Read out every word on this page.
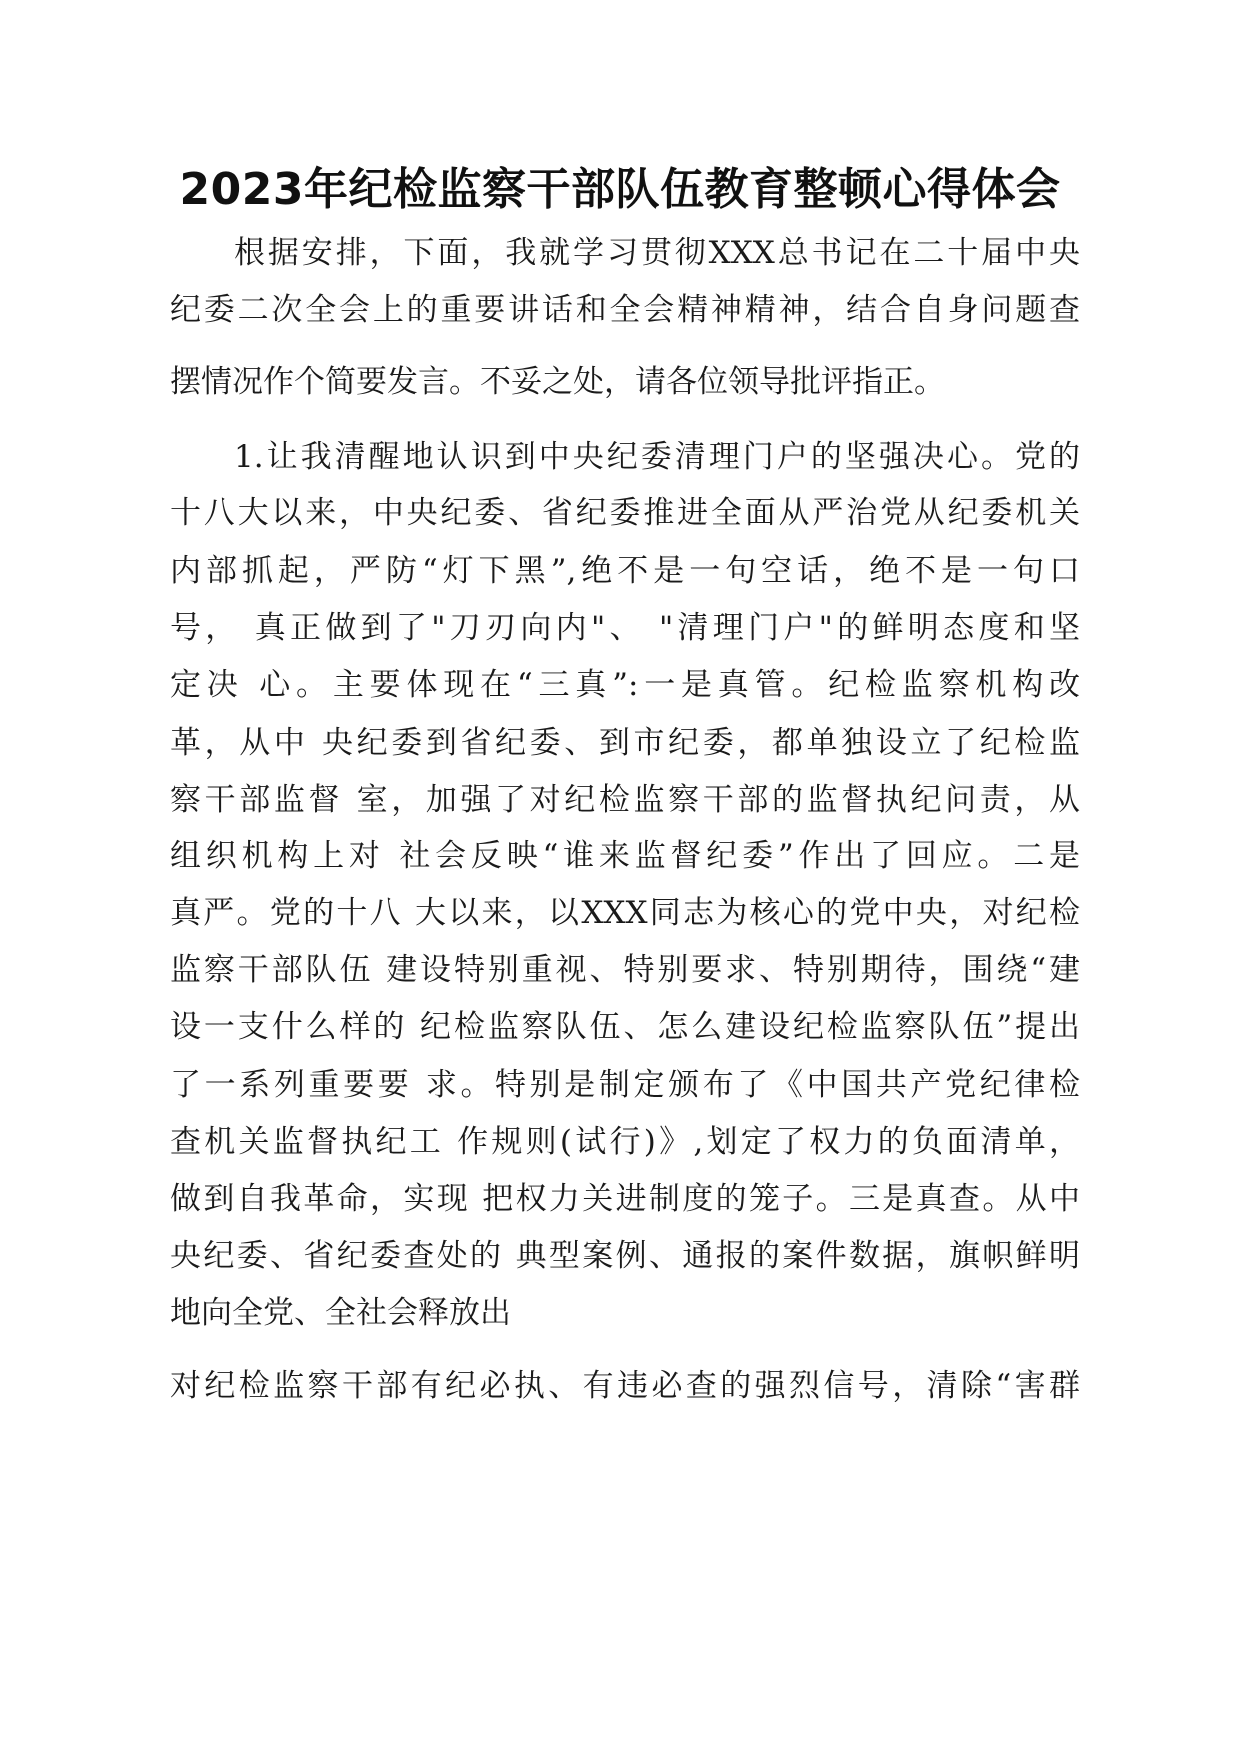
2023年纪检监察干部队伍教育整顿心得体会

根据安排，下面，我就学习贯彻XXX总书记在二十届中央

纪委二次全会上的重要讲话和全会精神精神，结合自身问题查

摆情况作个简要发言。不妥之处，请各位领导批评指正。

1.让我清醒地认识到中央纪委清理门户的坚强决心。党的

十八大以来，中央纪委、省纪委推进全面从严治党从纪委机关

内部抓起，严防“灯下黑”,绝不是一句空话，绝不是一句口

号， 真正做到了"刀刃向内"、 "清理门户"的鲜明态度和坚

定决 心。主要体现在“三真”:一是真管。纪检监察机构改

革，从中 央纪委到省纪委、到市纪委，都单独设立了纪检监

察干部监督 室，加强了对纪检监察干部的监督执纪问责，从

组织机构上对 社会反映“谁来监督纪委”作出了回应。二是

真严。党的十八 大以来，以XXX同志为核心的党中央，对纪检

监察干部队伍 建设特别重视、特别要求、特别期待，围绕“建

设一支什么样的 纪检监察队伍、怎么建设纪检监察队伍”提出

了一系列重要要 求。特别是制定颁布了《中国共产党纪律检

查机关监督执纪工 作规则(试行)》,划定了权力的负面清单，

做到自我革命，实现 把权力关进制度的笼子。三是真查。从中

央纪委、省纪委查处的 典型案例、通报的案件数据，旗帜鲜明

地向全党、全社会释放出

对纪检监察干部有纪必执、有违必查的强烈信号，清除“害群
